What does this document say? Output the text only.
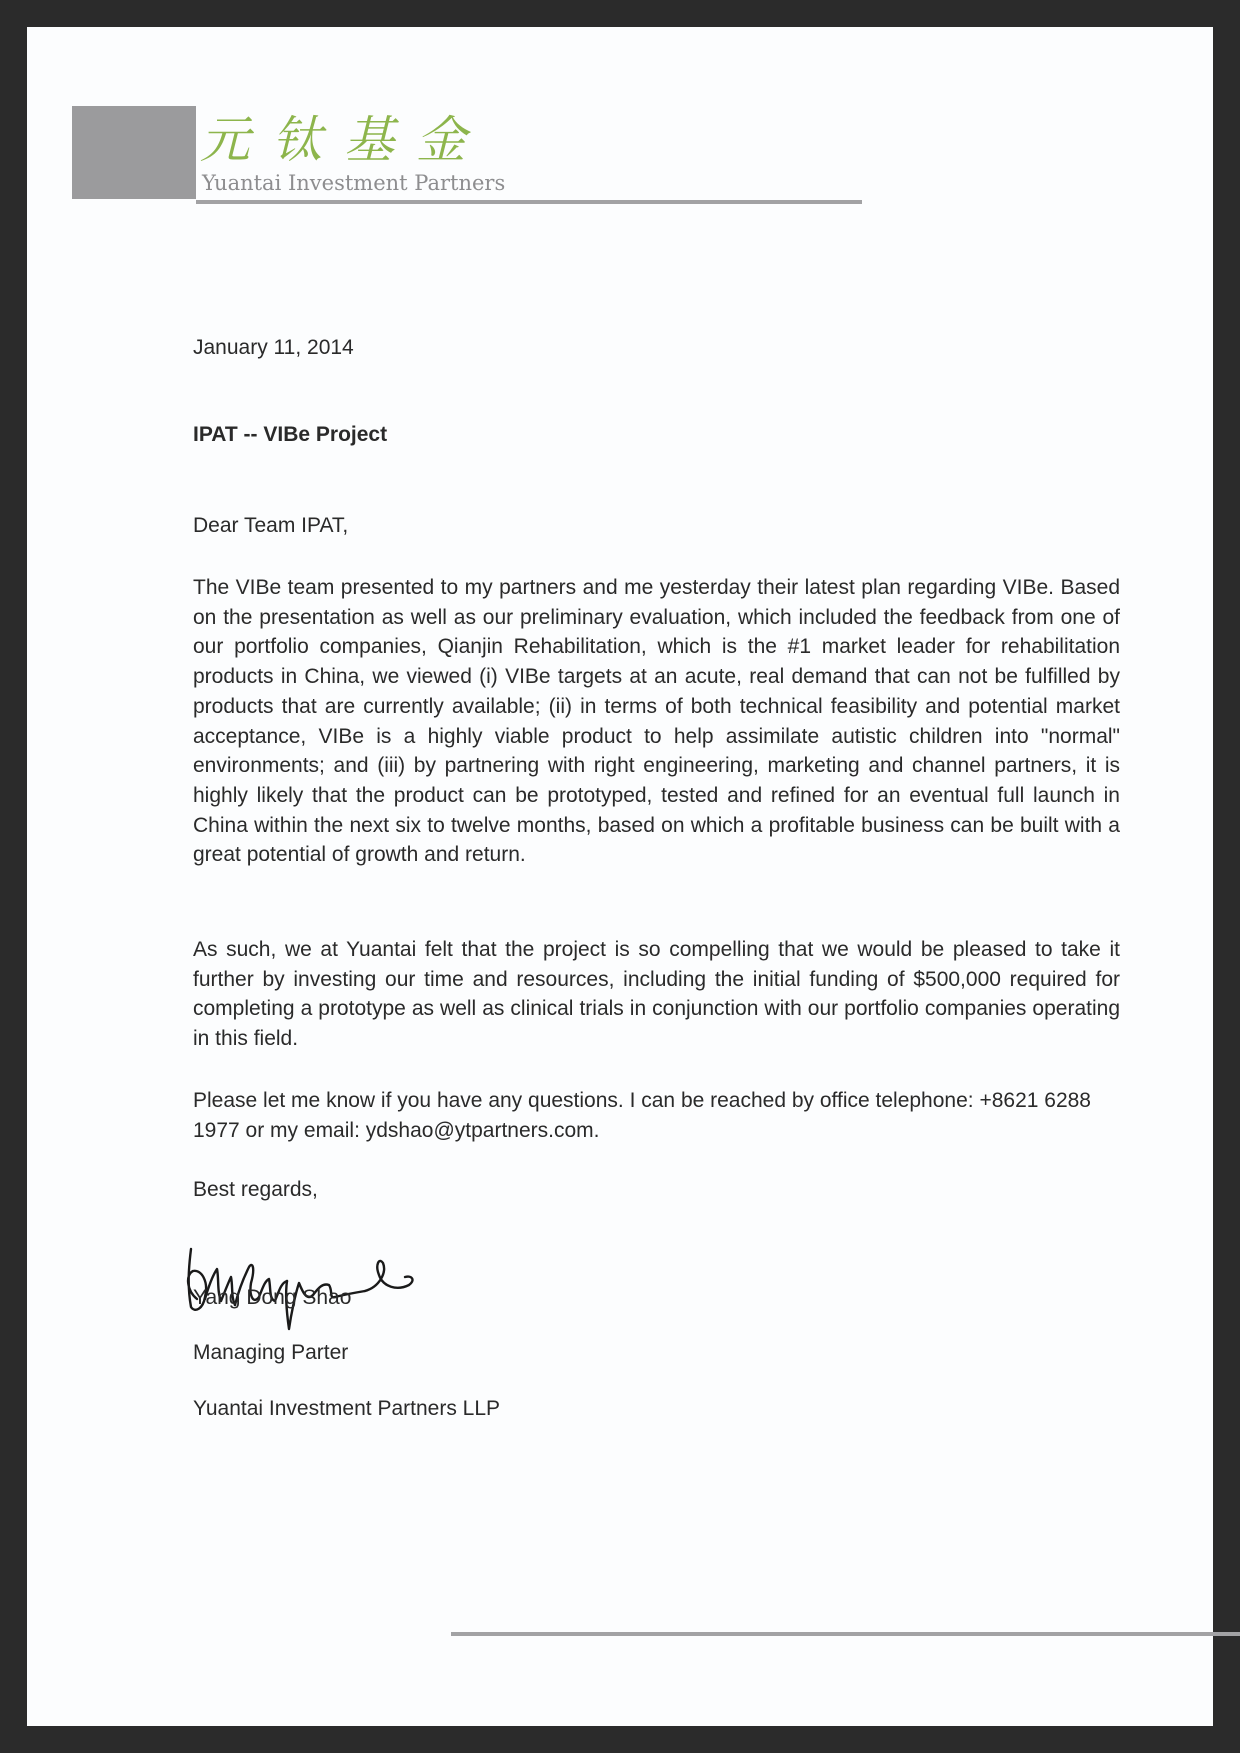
元钛基金
Yuantai Investment Partners
January 11, 2014
IPAT -- VIBe Project
Dear Team IPAT,
The VIBe team presented to my partners and me yesterday their latest plan regarding VIBe. Based on the presentation as well as our preliminary evaluation, which included the feedback from one of our portfolio companies, Qianjin Rehabilitation, which is the #1 market leader for rehabilitation products in China, we viewed (i) VIBe targets at an acute, real demand that can not be fulfilled by products that are currently available; (ii) in terms of both technical feasibility and potential market acceptance, VIBe is a highly viable product to help assimilate autistic children into "normal" environments; and (iii) by partnering with right engineering, marketing and channel partners, it is highly likely that the product can be prototyped, tested and refined for an eventual full launch in China within the next six to twelve months, based on which a profitable business can be built with a great potential of growth and return.
As such, we at Yuantai felt that the project is so compelling that we would be pleased to take it further by investing our time and resources, including the initial funding of $500,000 required for completing a prototype as well as clinical trials in conjunction with our portfolio companies operating in this field.
Please let me know if you have any questions. I can be reached by office telephone: +8621 6288 1977 or my email: ydshao@ytpartners.com.
Best regards,
Yang Dong Shao
Managing Parter
Yuantai Investment Partners LLP
